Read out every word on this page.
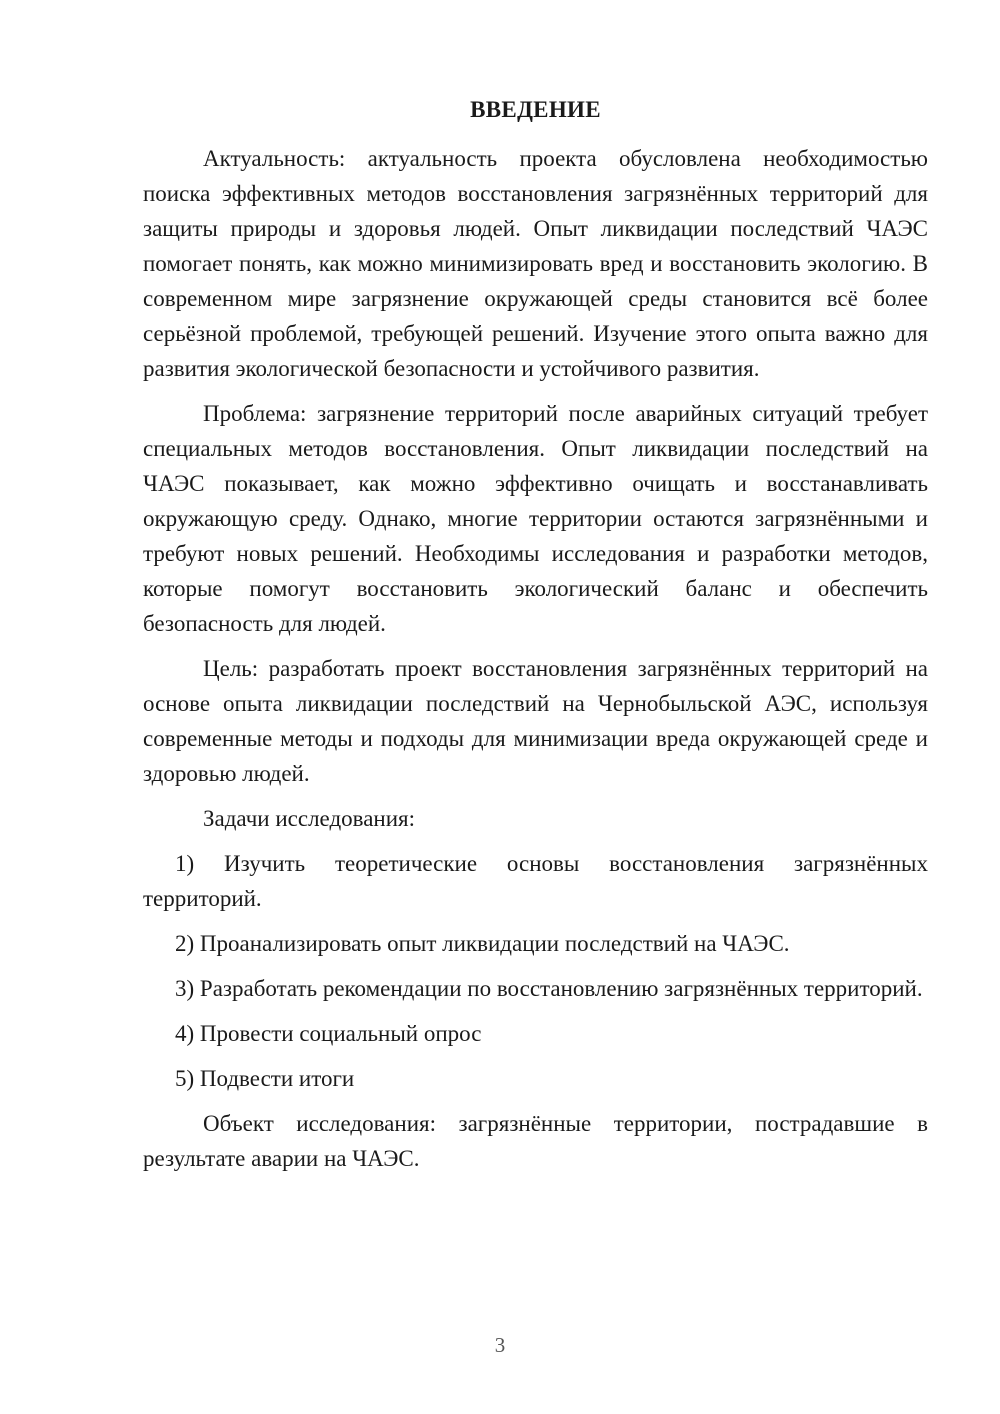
ВВЕДЕНИЕ

Актуальность: актуальность проекта обусловлена необходимостью поиска эффективных методов восстановления загрязнённых территорий для защиты природы и здоровья людей. Опыт ликвидации последствий ЧАЭС помогает понять, как можно минимизировать вред и восстановить экологию. В современном мире загрязнение окружающей среды становится всё более серьёзной проблемой, требующей решений. Изучение этого опыта важно для развития экологической безопасности и устойчивого развития.

Проблема: загрязнение территорий после аварийных ситуаций требует специальных методов восстановления. Опыт ликвидации последствий на ЧАЭС показывает, как можно эффективно очищать и восстанавливать окружающую среду. Однако, многие территории остаются загрязнёнными и требуют новых решений. Необходимы исследования и разработки методов, которые помогут восстановить экологический баланс и обеспечить безопасность для людей.

Цель: разработать проект восстановления загрязнённых территорий на основе опыта ликвидации последствий на Чернобыльской АЭС, используя современные методы и подходы для минимизации вреда окружающей среде и здоровью людей.

Задачи исследования:

1) Изучить теоретические основы восстановления загрязнённых территорий.

2) Проанализировать опыт ликвидации последствий на ЧАЭС.

3) Разработать рекомендации по восстановлению загрязнённых территорий.

4) Провести социальный опрос

5) Подвести итоги

Объект исследования: загрязнённые территории, пострадавшие в результате аварии на ЧАЭС.

3
